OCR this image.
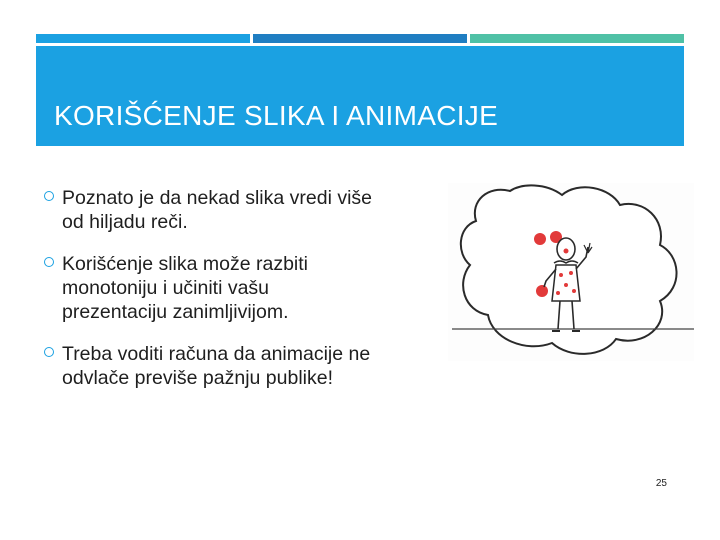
KORIŠĆENJE SLIKA I ANIMACIJE
Poznato je da nekad slika vredi više
od hiljadu reči.
Korišćenje slika može razbiti
monotoniju i učiniti vašu
prezentaciju zanimljivijom.
Treba voditi računa da animacije ne
odvlače previše pažnju publike!
25
